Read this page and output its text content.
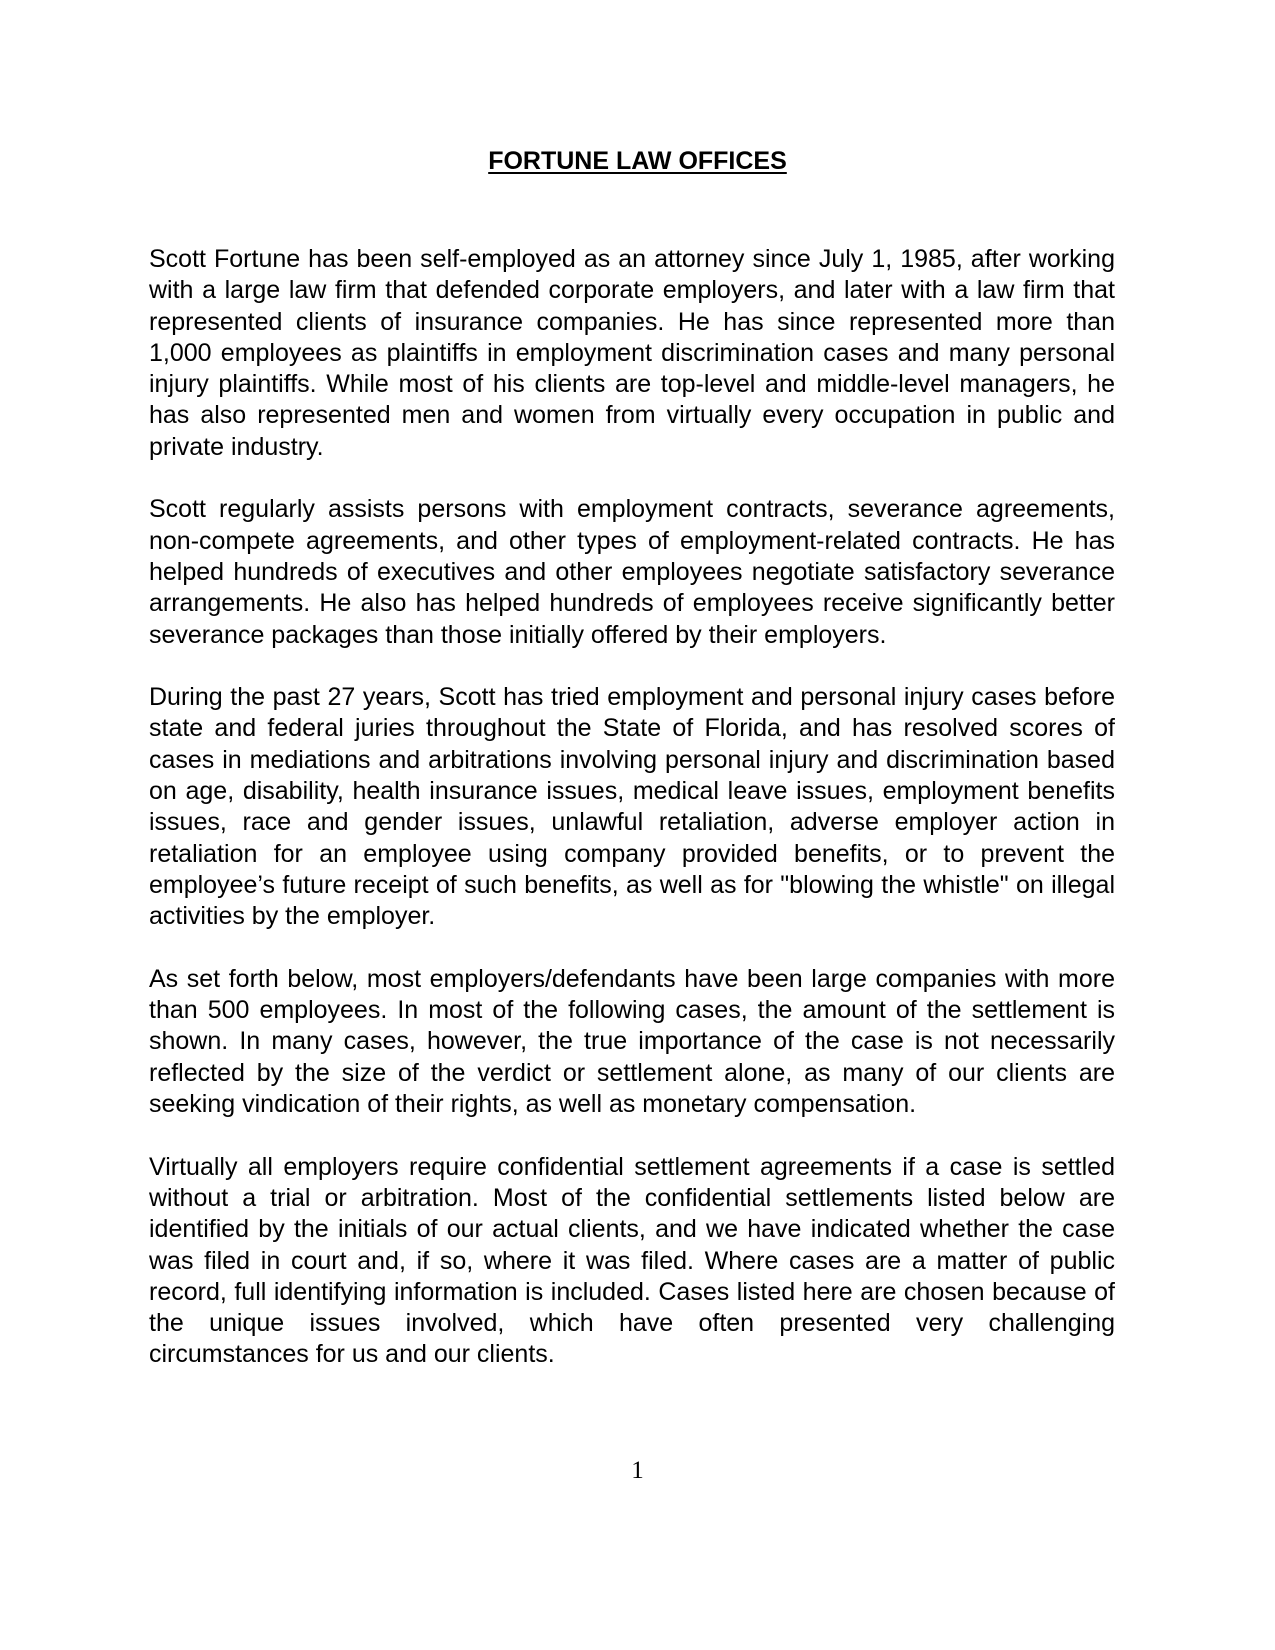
FORTUNE LAW OFFICES

Scott Fortune has been self-employed as an attorney since July 1, 1985, after working with a large law firm that defended corporate employers, and later with a law firm that represented clients of insurance companies. He has since represented more than 1,000 employees as plaintiffs in employment discrimination cases and many personal injury plaintiffs. While most of his clients are top-level and middle-level managers, he has also represented men and women from virtually every occupation in public and private industry.

Scott regularly assists persons with employment contracts, severance agreements, non-compete agreements, and other types of employment-related contracts. He has helped hundreds of executives and other employees negotiate satisfactory severance arrangements. He also has helped hundreds of employees receive significantly better severance packages than those initially offered by their employers.

During the past 27 years, Scott has tried employment and personal injury cases before state and federal juries throughout the State of Florida, and has resolved scores of cases in mediations and arbitrations involving personal injury and discrimination based on age, disability, health insurance issues, medical leave issues, employment benefits issues, race and gender issues, unlawful retaliation, adverse employer action in retaliation for an employee using company provided benefits, or to prevent the employee’s future receipt of such benefits, as well as for "blowing the whistle" on illegal activities by the employer.

As set forth below, most employers/defendants have been large companies with more than 500 employees. In most of the following cases, the amount of the settlement is shown. In many cases, however, the true importance of the case is not necessarily reflected by the size of the verdict or settlement alone, as many of our clients are seeking vindication of their rights, as well as monetary compensation.

Virtually all employers require confidential settlement agreements if a case is settled without a trial or arbitration. Most of the confidential settlements listed below are identified by the initials of our actual clients, and we have indicated whether the case was filed in court and, if so, where it was filed. Where cases are a matter of public record, full identifying information is included. Cases listed here are chosen because of the unique issues involved, which have often presented very challenging circumstances for us and our clients.

1
